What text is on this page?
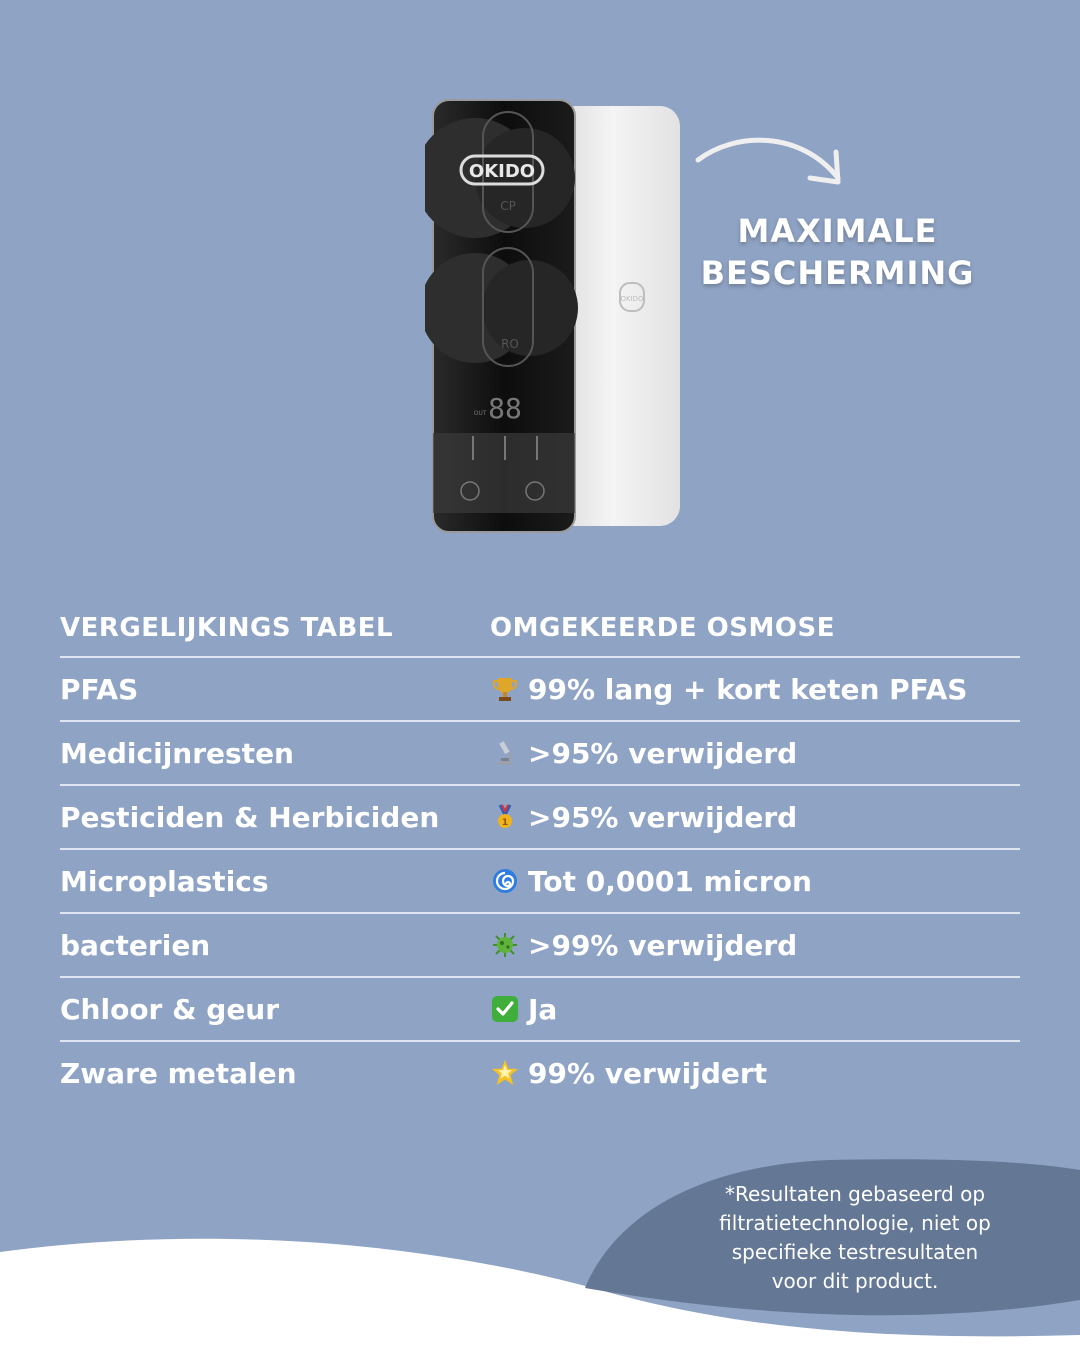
OKIDO
CP
RO
88
OUT
OKIDO
MAXIMALE
BESCHERMING
VERGELIJKINGS TABEL	OMGEKEERDE OSMOSE
PFAS	99% lang + kort keten PFAS
Medicijnresten	>95% verwijderd
Pesticiden & Herbiciden	1 >95% verwijderd
Microplastics	Tot 0,0001 micron
bacterien	>99% verwijderd
Chloor & geur	Ja
Zware metalen	99% verwijdert
*Resultaten gebaseerd op
filtratietechnologie, niet op
specifieke testresultaten
voor dit product.
